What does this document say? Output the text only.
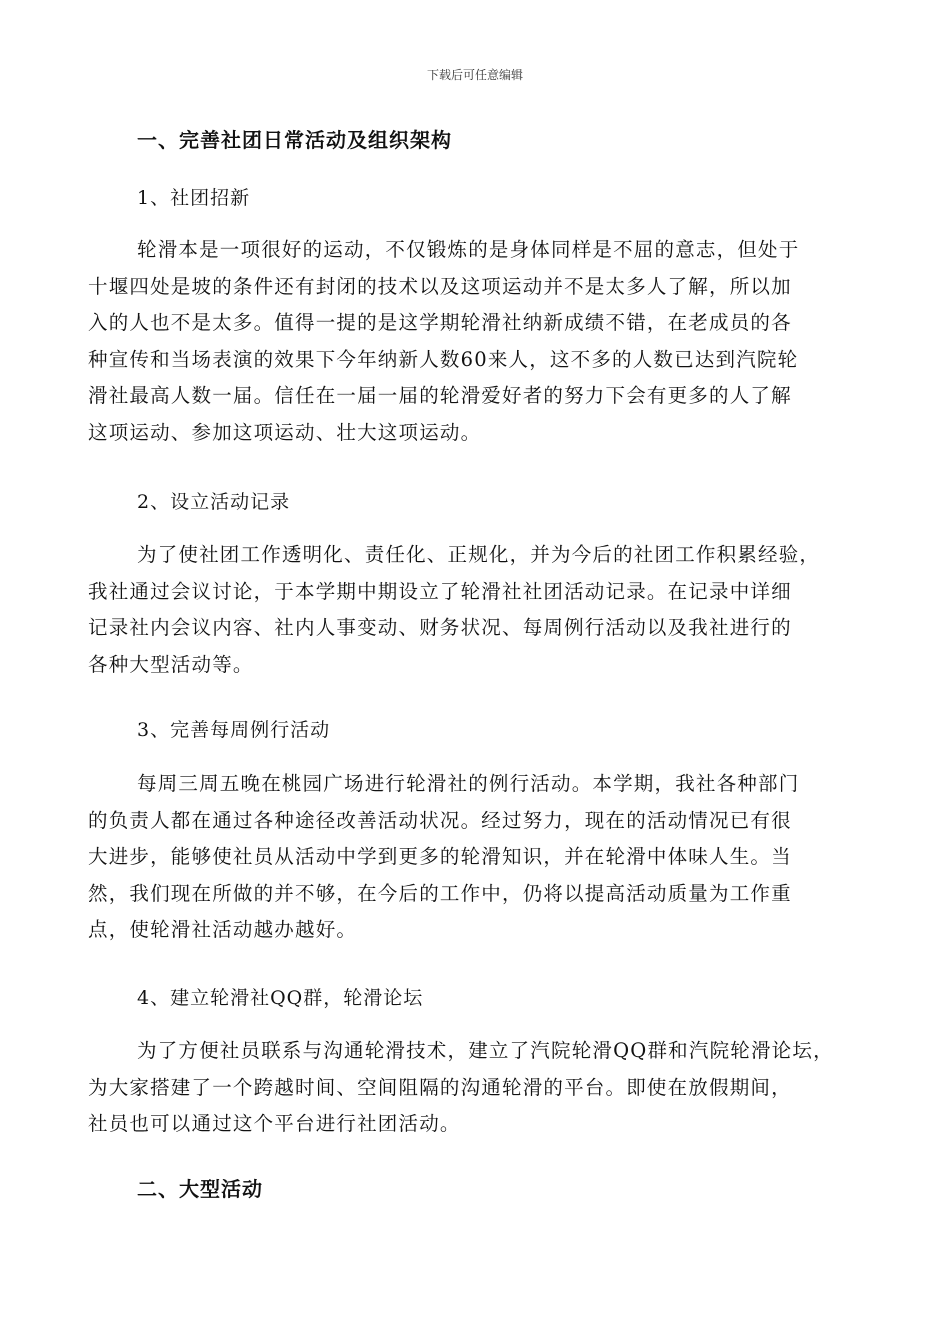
下载后可任意编辑
一、完善社团日常活动及组织架构
1、社团招新
轮滑本是一项很好的运动，不仅锻炼的是身体同样是不屈的意志，但处于
十堰四处是坡的条件还有封闭的技术以及这项运动并不是太多人了解，所以加
入的人也不是太多。值得一提的是这学期轮滑社纳新成绩不错，在老成员的各
种宣传和当场表演的效果下今年纳新人数60来人，这不多的人数已达到汽院轮
滑社最高人数一届。信任在一届一届的轮滑爱好者的努力下会有更多的人了解
这项运动、参加这项运动、壮大这项运动。
2、设立活动记录
为了使社团工作透明化、责任化、正规化，并为今后的社团工作积累经验，
我社通过会议讨论，于本学期中期设立了轮滑社社团活动记录。在记录中详细
记录社内会议内容、社内人事变动、财务状况、每周例行活动以及我社进行的
各种大型活动等。
3、完善每周例行活动
每周三周五晚在桃园广场进行轮滑社的例行活动。本学期，我社各种部门
的负责人都在通过各种途径改善活动状况。经过努力，现在的活动情况已有很
大进步，能够使社员从活动中学到更多的轮滑知识，并在轮滑中体味人生。当
然，我们现在所做的并不够，在今后的工作中，仍将以提高活动质量为工作重
点，使轮滑社活动越办越好。
4、建立轮滑社QQ群，轮滑论坛
为了方便社员联系与沟通轮滑技术，建立了汽院轮滑QQ群和汽院轮滑论坛，
为大家搭建了一个跨越时间、空间阻隔的沟通轮滑的平台。即使在放假期间，
社员也可以通过这个平台进行社团活动。
二、大型活动
